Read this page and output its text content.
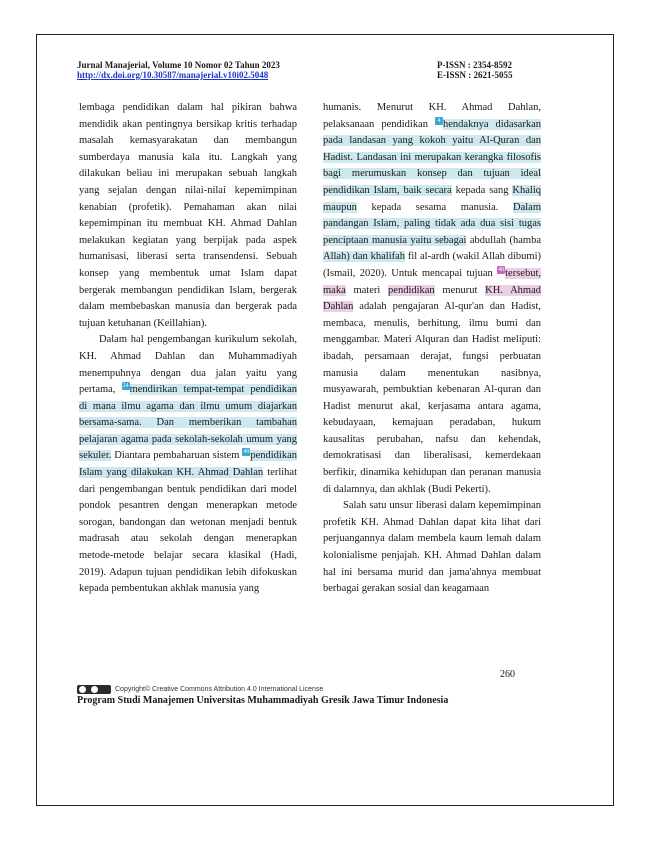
Jurnal Manajerial, Volume 10 Nomor 02 Tahun 2023
http://dx.doi.org/10.30587/manajerial.v10i02.5048
P-ISSN : 2354-8592
E-ISSN : 2621-5055

lembaga pendidikan dalam hal pikiran bahwa mendidik akan pentingnya bersikap kritis terhadap masalah kemasyarakatan dan membangun sumberdaya manusia kala itu. Langkah yang dilakukan beliau ini merupakan sebuah langkah yang sejalan dengan nilai-nilai kepemimpinan kenabian (profetik). Pemahaman akan nilai kepemimpinan itu membuat KH. Ahmad Dahlan melakukan kegiatan yang berpijak pada aspek humanisasi, liberasi serta transendensi. Sebuah konsep yang membentuk umat Islam dapat bergerak membangun pendidikan Islam, bergerak dalam membebaskan manusia dan bergerak pada tujuan ketuhanan (Keillahian).

Dalam hal pengembangan kurikulum sekolah, KH. Ahmad Dahlan dan Muhammadiyah menempuhnya dengan dua jalan yaitu yang pertama, 24mendirikan tempat-tempat pendidikan di mana ilmu agama dan ilmu umum diajarkan bersama-sama. Dan memberikan tambahan pelajaran agama pada sekolah-sekolah umum yang sekuler. Diantara pembaharuan sistem 49pendidikan Islam yang dilakukan KH. Ahmad Dahlan terlihat dari pengembangan bentuk pendidikan dari model pondok pesantren dengan menerapkan metode sorogan, bandongan dan wetonan menjadi bentuk madrasah atau sekolah dengan menerapkan metode-metode belajar secara klasikal (Hadi, 2019). Adapun tujuan pendidikan lebih difokuskan kepada pembentukan akhlak manusia yang

humanis. Menurut KH. Ahmad Dahlan, pelaksanaan pendidikan 4 hendaknya didasarkan pada landasan yang kokoh yaitu Al-Quran dan Hadist. Landasan ini merupakan kerangka filosofis bagi merumuskan konsep dan tujuan ideal pendidikan Islam, baik secara kepada sang Khaliq maupun kepada sesama manusia. Dalam pandangan Islam, paling tidak ada dua sisi tugas penciptaan manusia yaitu sebagai abdullah (hamba Allah) dan khalifah fil al-ardh (wakil Allah dibumi) (Ismail, 2020). Untuk mencapai tujuan 40tersebut, maka materi pendidikan menurut KH. Ahmad Dahlan adalah pengajaran Al-qur'an dan Hadist, membaca, menulis, berhitung, ilmu bumi dan menggambar. Materi Alquran dan Hadist meliputi: ibadah, persamaan derajat, fungsi perbuatan manusia dalam menentukan nasibnya, musyawarah, pembuktian kebenaran Al-quran dan Hadist menurut akal, kerjasama antara agama, kebudayaan, kemajuan peradaban, hukum kausalitas perubahan, nafsu dan kehendak, demokratisasi dan liberalisasi, kemerdekaan berfikir, dinamika kehidupan dan peranan manusia di dalamnya, dan akhlak (Budi Pekerti).

Salah satu unsur liberasi dalam kepemimpinan profetik KH. Ahmad Dahlan dapat kita lihat dari perjuangannya dalam membela kaum lemah dalam kolonialisme penjajah. KH. Ahmad Dahlan dalam hal ini bersama murid dan jama'ahnya membuat berbagai gerakan sosial dan keagamaan

260
Copyright© Creative Commons Attribution 4.0 International License
Program Studi Manajemen Universitas Muhammadiyah Gresik Jawa Timur Indonesia
